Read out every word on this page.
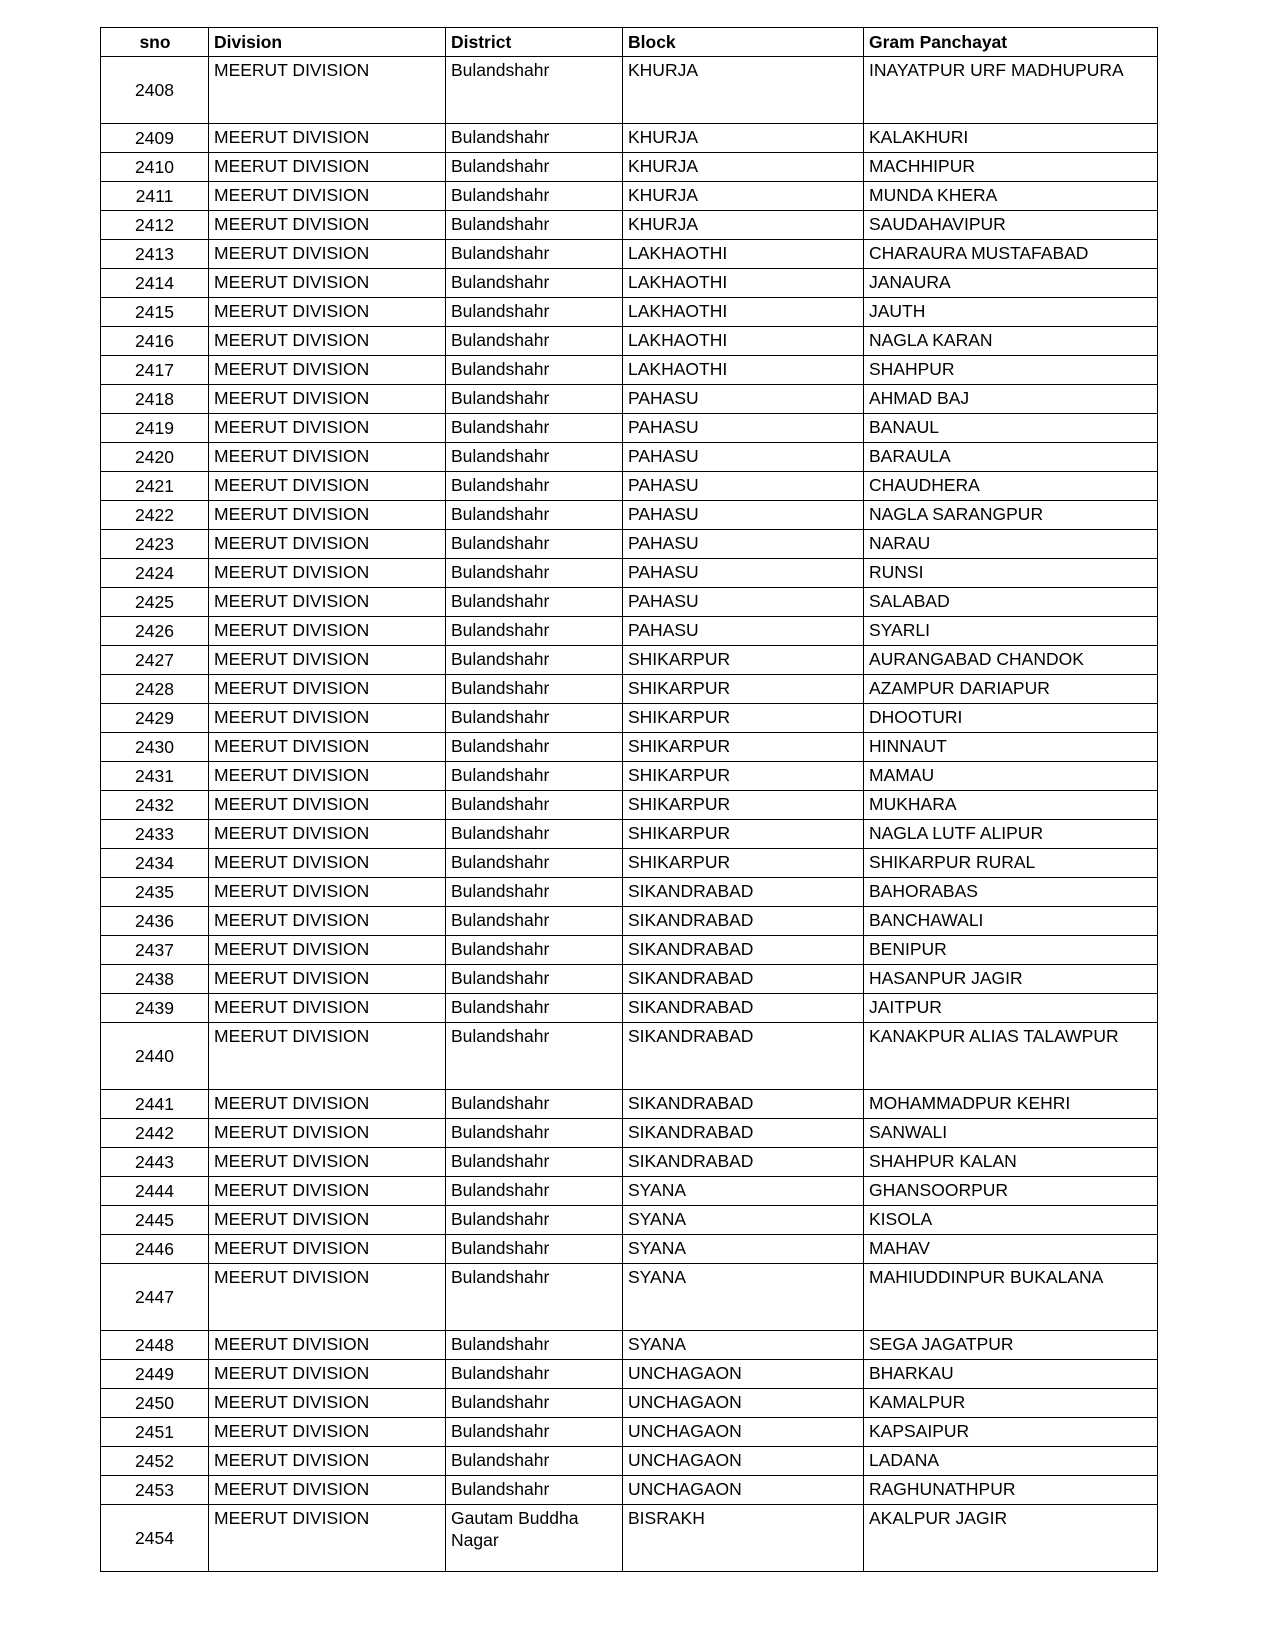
sno	Division	District	Block	Gram Panchayat
2408	MEERUT DIVISION	Bulandshahr	KHURJA	INAYATPUR URF MADHUPURA
2409	MEERUT DIVISION	Bulandshahr	KHURJA	KALAKHURI
2410	MEERUT DIVISION	Bulandshahr	KHURJA	MACHHIPUR
2411	MEERUT DIVISION	Bulandshahr	KHURJA	MUNDA KHERA
2412	MEERUT DIVISION	Bulandshahr	KHURJA	SAUDAHAVIPUR
2413	MEERUT DIVISION	Bulandshahr	LAKHAOTHI	CHARAURA MUSTAFABAD
2414	MEERUT DIVISION	Bulandshahr	LAKHAOTHI	JANAURA
2415	MEERUT DIVISION	Bulandshahr	LAKHAOTHI	JAUTH
2416	MEERUT DIVISION	Bulandshahr	LAKHAOTHI	NAGLA KARAN
2417	MEERUT DIVISION	Bulandshahr	LAKHAOTHI	SHAHPUR
2418	MEERUT DIVISION	Bulandshahr	PAHASU	AHMAD BAJ
2419	MEERUT DIVISION	Bulandshahr	PAHASU	BANAUL
2420	MEERUT DIVISION	Bulandshahr	PAHASU	BARAULA
2421	MEERUT DIVISION	Bulandshahr	PAHASU	CHAUDHERA
2422	MEERUT DIVISION	Bulandshahr	PAHASU	NAGLA SARANGPUR
2423	MEERUT DIVISION	Bulandshahr	PAHASU	NARAU
2424	MEERUT DIVISION	Bulandshahr	PAHASU	RUNSI
2425	MEERUT DIVISION	Bulandshahr	PAHASU	SALABAD
2426	MEERUT DIVISION	Bulandshahr	PAHASU	SYARLI
2427	MEERUT DIVISION	Bulandshahr	SHIKARPUR	AURANGABAD CHANDOK
2428	MEERUT DIVISION	Bulandshahr	SHIKARPUR	AZAMPUR DARIAPUR
2429	MEERUT DIVISION	Bulandshahr	SHIKARPUR	DHOOTURI
2430	MEERUT DIVISION	Bulandshahr	SHIKARPUR	HINNAUT
2431	MEERUT DIVISION	Bulandshahr	SHIKARPUR	MAMAU
2432	MEERUT DIVISION	Bulandshahr	SHIKARPUR	MUKHARA
2433	MEERUT DIVISION	Bulandshahr	SHIKARPUR	NAGLA LUTF ALIPUR
2434	MEERUT DIVISION	Bulandshahr	SHIKARPUR	SHIKARPUR RURAL
2435	MEERUT DIVISION	Bulandshahr	SIKANDRABAD	BAHORABAS
2436	MEERUT DIVISION	Bulandshahr	SIKANDRABAD	BANCHAWALI
2437	MEERUT DIVISION	Bulandshahr	SIKANDRABAD	BENIPUR
2438	MEERUT DIVISION	Bulandshahr	SIKANDRABAD	HASANPUR JAGIR
2439	MEERUT DIVISION	Bulandshahr	SIKANDRABAD	JAITPUR
2440	MEERUT DIVISION	Bulandshahr	SIKANDRABAD	KANAKPUR ALIAS TALAWPUR
2441	MEERUT DIVISION	Bulandshahr	SIKANDRABAD	MOHAMMADPUR KEHRI
2442	MEERUT DIVISION	Bulandshahr	SIKANDRABAD	SANWALI
2443	MEERUT DIVISION	Bulandshahr	SIKANDRABAD	SHAHPUR KALAN
2444	MEERUT DIVISION	Bulandshahr	SYANA	GHANSOORPUR
2445	MEERUT DIVISION	Bulandshahr	SYANA	KISOLA
2446	MEERUT DIVISION	Bulandshahr	SYANA	MAHAV
2447	MEERUT DIVISION	Bulandshahr	SYANA	MAHIUDDINPUR BUKALANA
2448	MEERUT DIVISION	Bulandshahr	SYANA	SEGA JAGATPUR
2449	MEERUT DIVISION	Bulandshahr	UNCHAGAON	BHARKAU
2450	MEERUT DIVISION	Bulandshahr	UNCHAGAON	KAMALPUR
2451	MEERUT DIVISION	Bulandshahr	UNCHAGAON	KAPSAIPUR
2452	MEERUT DIVISION	Bulandshahr	UNCHAGAON	LADANA
2453	MEERUT DIVISION	Bulandshahr	UNCHAGAON	RAGHUNATHPUR
2454	MEERUT DIVISION	Gautam Buddha Nagar	BISRAKH	AKALPUR JAGIR
